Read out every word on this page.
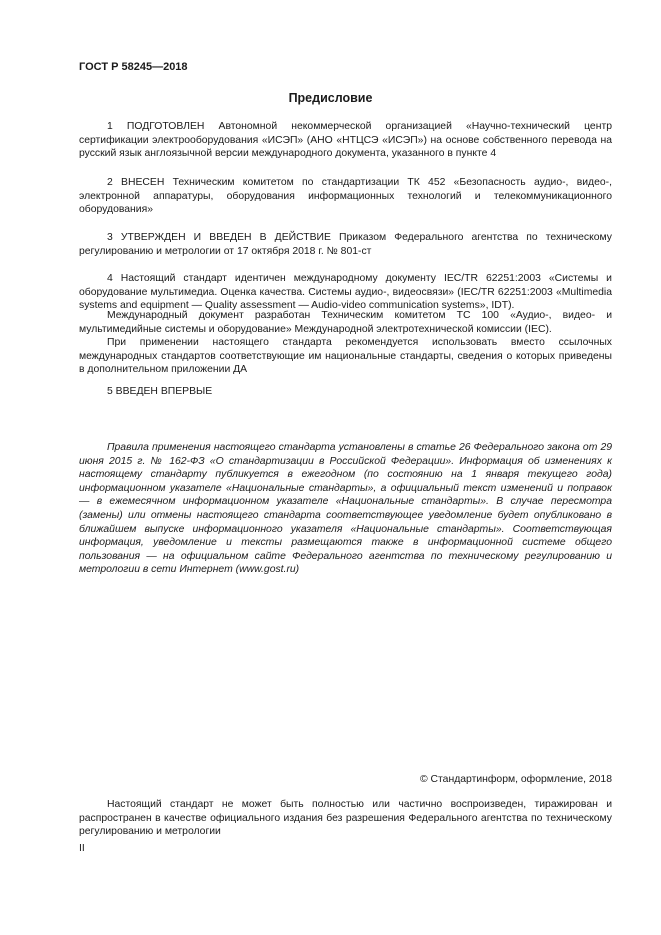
ГОСТ Р 58245—2018
Предисловие
1 ПОДГОТОВЛЕН Автономной некоммерческой организацией «Научно-технический центр сертификации электрооборудования «ИСЭП» (АНО «НТЦСЭ «ИСЭП») на основе собственного перевода на русский язык англоязычной версии международного документа, указанного в пункте 4
2 ВНЕСЕН Техническим комитетом по стандартизации ТК 452 «Безопасность аудио-, видео-, электронной аппаратуры, оборудования информационных технологий и телекоммуникационного оборудования»
3 УТВЕРЖДЕН И ВВЕДЕН В ДЕЙСТВИЕ Приказом Федерального агентства по техническому регулированию и метрологии от 17 октября 2018 г. № 801-ст
4 Настоящий стандарт идентичен международному документу IEC/TR 62251:2003 «Системы и оборудование мультимедиа. Оценка качества. Системы аудио-, видеосвязи» (IEC/TR 62251:2003 «Multimedia systems and equipment — Quality assessment — Audio-video communication systems», IDT).
Международный документ разработан Техническим комитетом ТС 100 «Аудио-, видео- и мультимедийные системы и оборудование» Международной электротехнической комиссии (IEC).
При применении настоящего стандарта рекомендуется использовать вместо ссылочных международных стандартов соответствующие им национальные стандарты, сведения о которых приведены в дополнительном приложении ДА
5 ВВЕДЕН ВПЕРВЫЕ
Правила применения настоящего стандарта установлены в статье 26 Федерального закона от 29 июня 2015 г. № 162-ФЗ «О стандартизации в Российской Федерации». Информация об изменениях к настоящему стандарту публикуется в ежегодном (по состоянию на 1 января текущего года) информационном указателе «Национальные стандарты», а официальный текст изменений и поправок — в ежемесячном информационном указателе «Национальные стандарты». В случае пересмотра (замены) или отмены настоящего стандарта соответствующее уведомление будет опубликовано в ближайшем выпуске информационного указателя «Национальные стандарты». Соответствующая информация, уведомление и тексты размещаются также в информационной системе общего пользования — на официальном сайте Федерального агентства по техническому регулированию и метрологии в сети Интернет (www.gost.ru)
© Стандартинформ, оформление, 2018
Настоящий стандарт не может быть полностью или частично воспроизведен, тиражирован и распространен в качестве официального издания без разрешения Федерального агентства по техническому регулированию и метрологии
II
